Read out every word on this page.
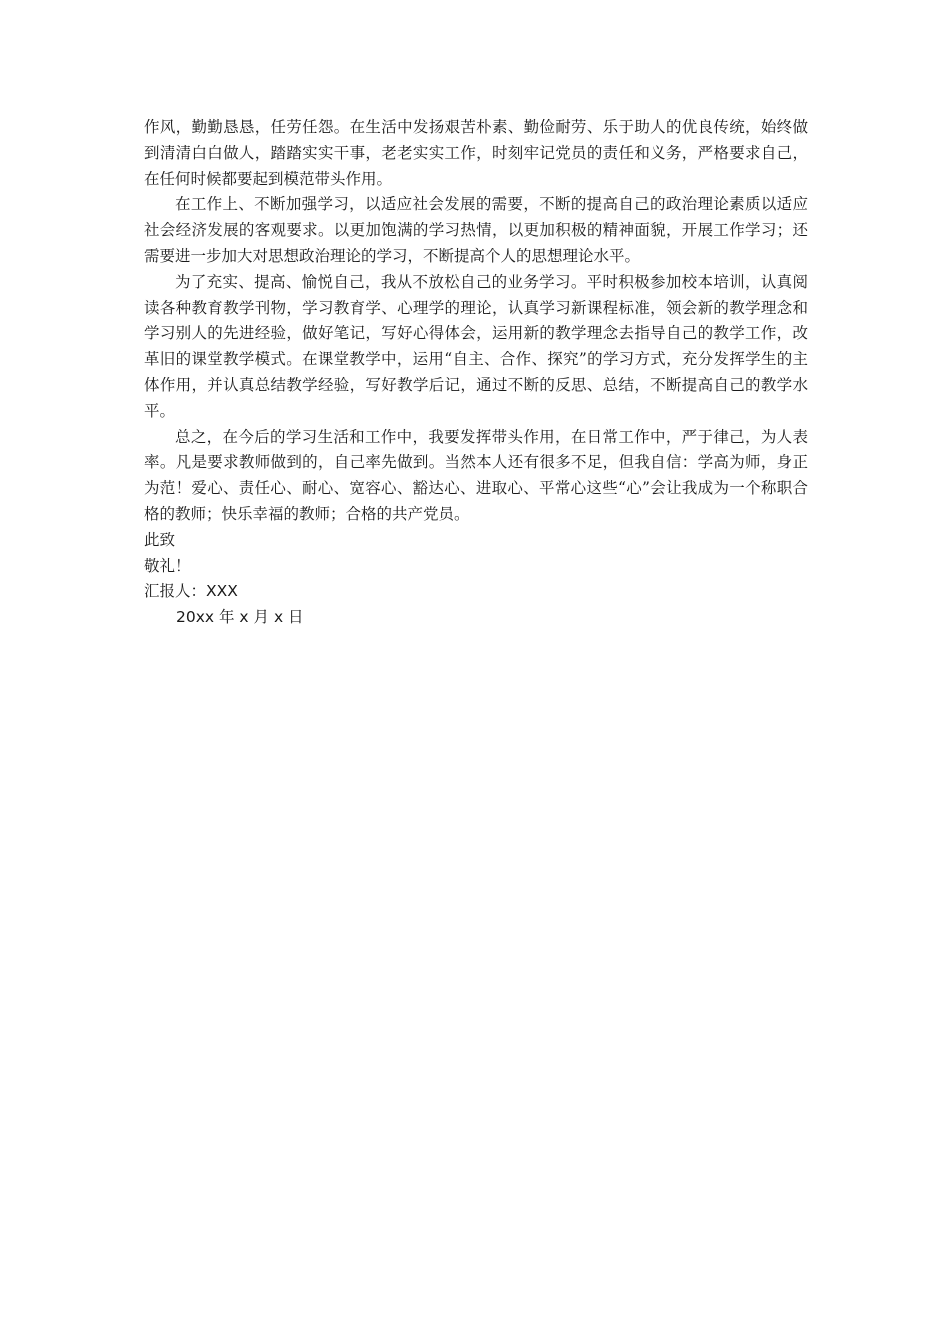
作风，勤勤恳恳，任劳任怨。在生活中发扬艰苦朴素、勤俭耐劳、乐于助人的优良传统，始终做到清清白白做人，踏踏实实干事，老老实实工作，时刻牢记党员的责任和义务，严格要求自己，在任何时候都要起到模范带头作用。

在工作上、不断加强学习，以适应社会发展的需要，不断的提高自己的政治理论素质以适应社会经济发展的客观要求。以更加饱满的学习热情，以更加积极的精神面貌，开展工作学习；还需要进一步加大对思想政治理论的学习，不断提高个人的思想理论水平。

为了充实、提高、愉悦自己，我从不放松自己的业务学习。平时积极参加校本培训，认真阅读各种教育教学刊物，学习教育学、心理学的理论，认真学习新课程标准，领会新的教学理念和学习别人的先进经验，做好笔记，写好心得体会，运用新的教学理念去指导自己的教学工作，改革旧的课堂教学模式。在课堂教学中，运用“自主、合作、探究”的学习方式，充分发挥学生的主体作用，并认真总结教学经验，写好教学后记，通过不断的反思、总结，不断提高自己的教学水平。

总之，在今后的学习生活和工作中，我要发挥带头作用，在日常工作中，严于律己，为人表率。凡是要求教师做到的，自己率先做到。当然本人还有很多不足，但我自信：学高为师，身正为范！爱心、责任心、耐心、宽容心、豁达心、进取心、平常心这些“心”会让我成为一个称职合格的教师；快乐幸福的教师；合格的共产党员。

此致

敬礼！

汇报人：XXX

20xx 年 x 月 x 日
